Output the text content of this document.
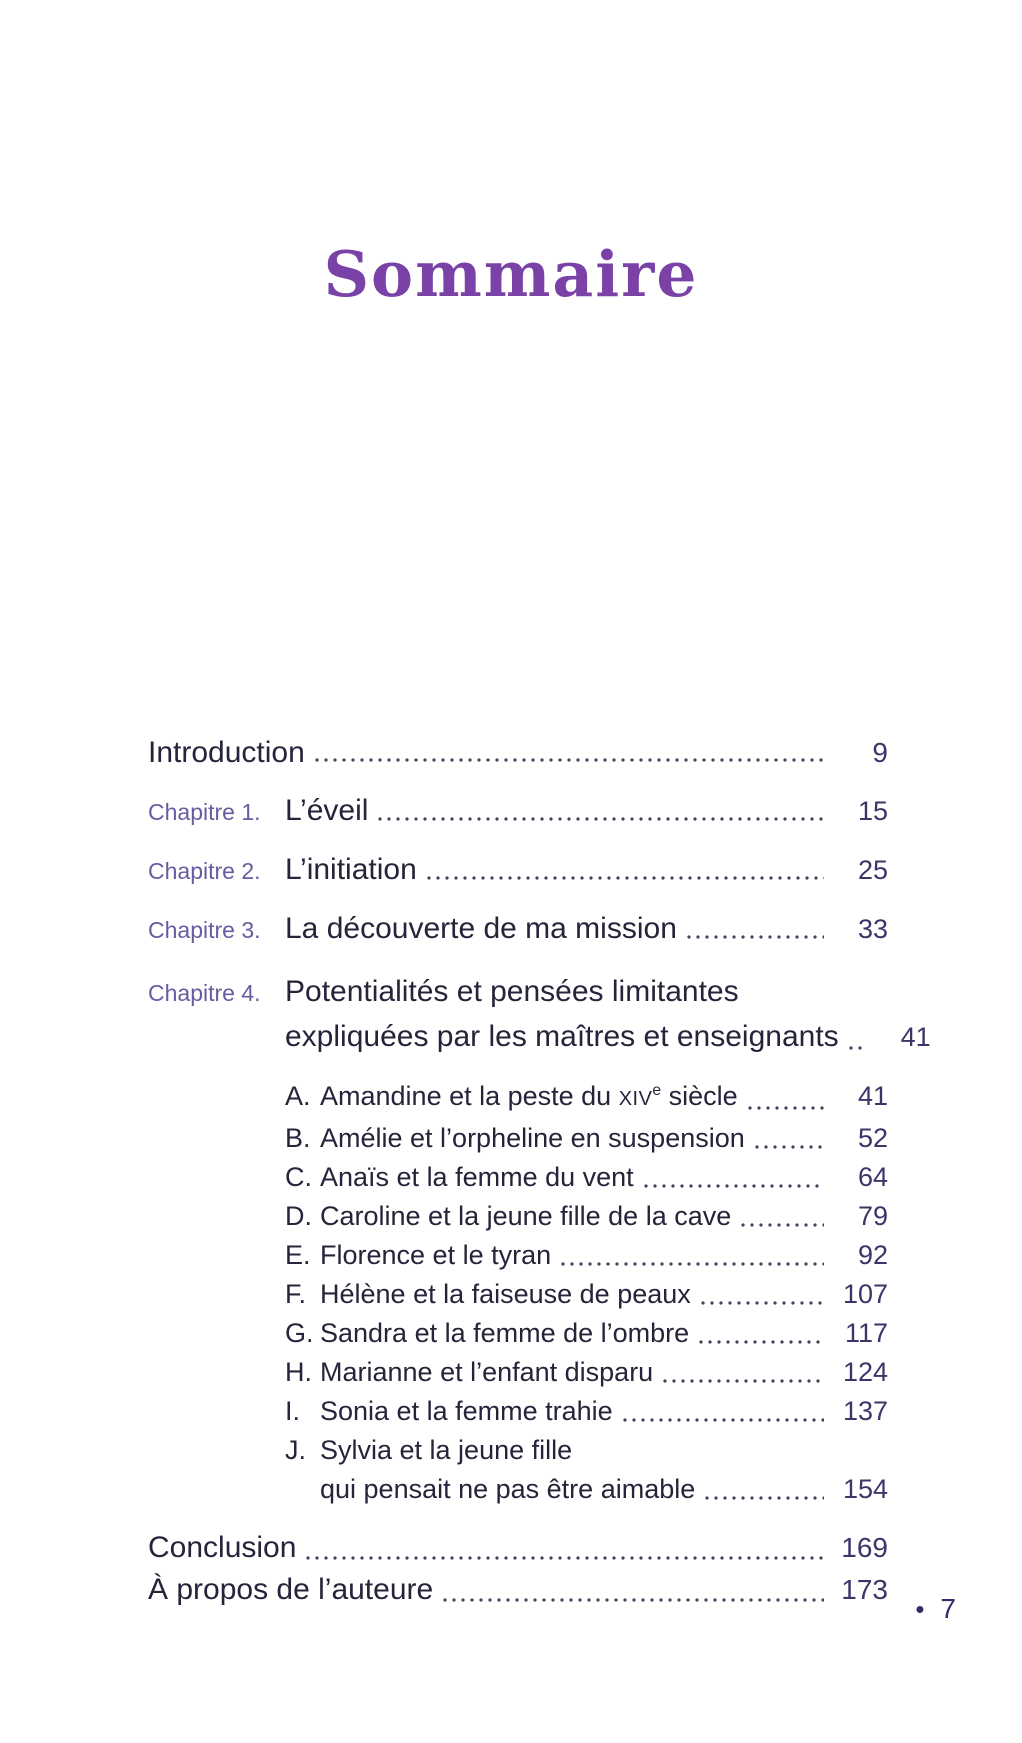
Sommaire
Introduction	9
Chapitre 1. L’éveil	15
Chapitre 2. L’initiation	25
Chapitre 3. La découverte de ma mission	33
Chapitre 4. Potentialités et pensées limitantes
expliquées par les maîtres et enseignants	41
A. Amandine et la peste du XIVe siècle	41
B. Amélie et l’orpheline en suspension	52
C. Anaïs et la femme du vent	64
D. Caroline et la jeune fille de la cave	79
E. Florence et le tyran	92
F. Hélène et la faiseuse de peaux	107
G. Sandra et la femme de l’ombre	117
H. Marianne et l’enfant disparu	124
I. Sonia et la femme trahie	137
J. Sylvia et la jeune fille
qui pensait ne pas être aimable	154
Conclusion	169
À propos de l’auteure	173
• 7
